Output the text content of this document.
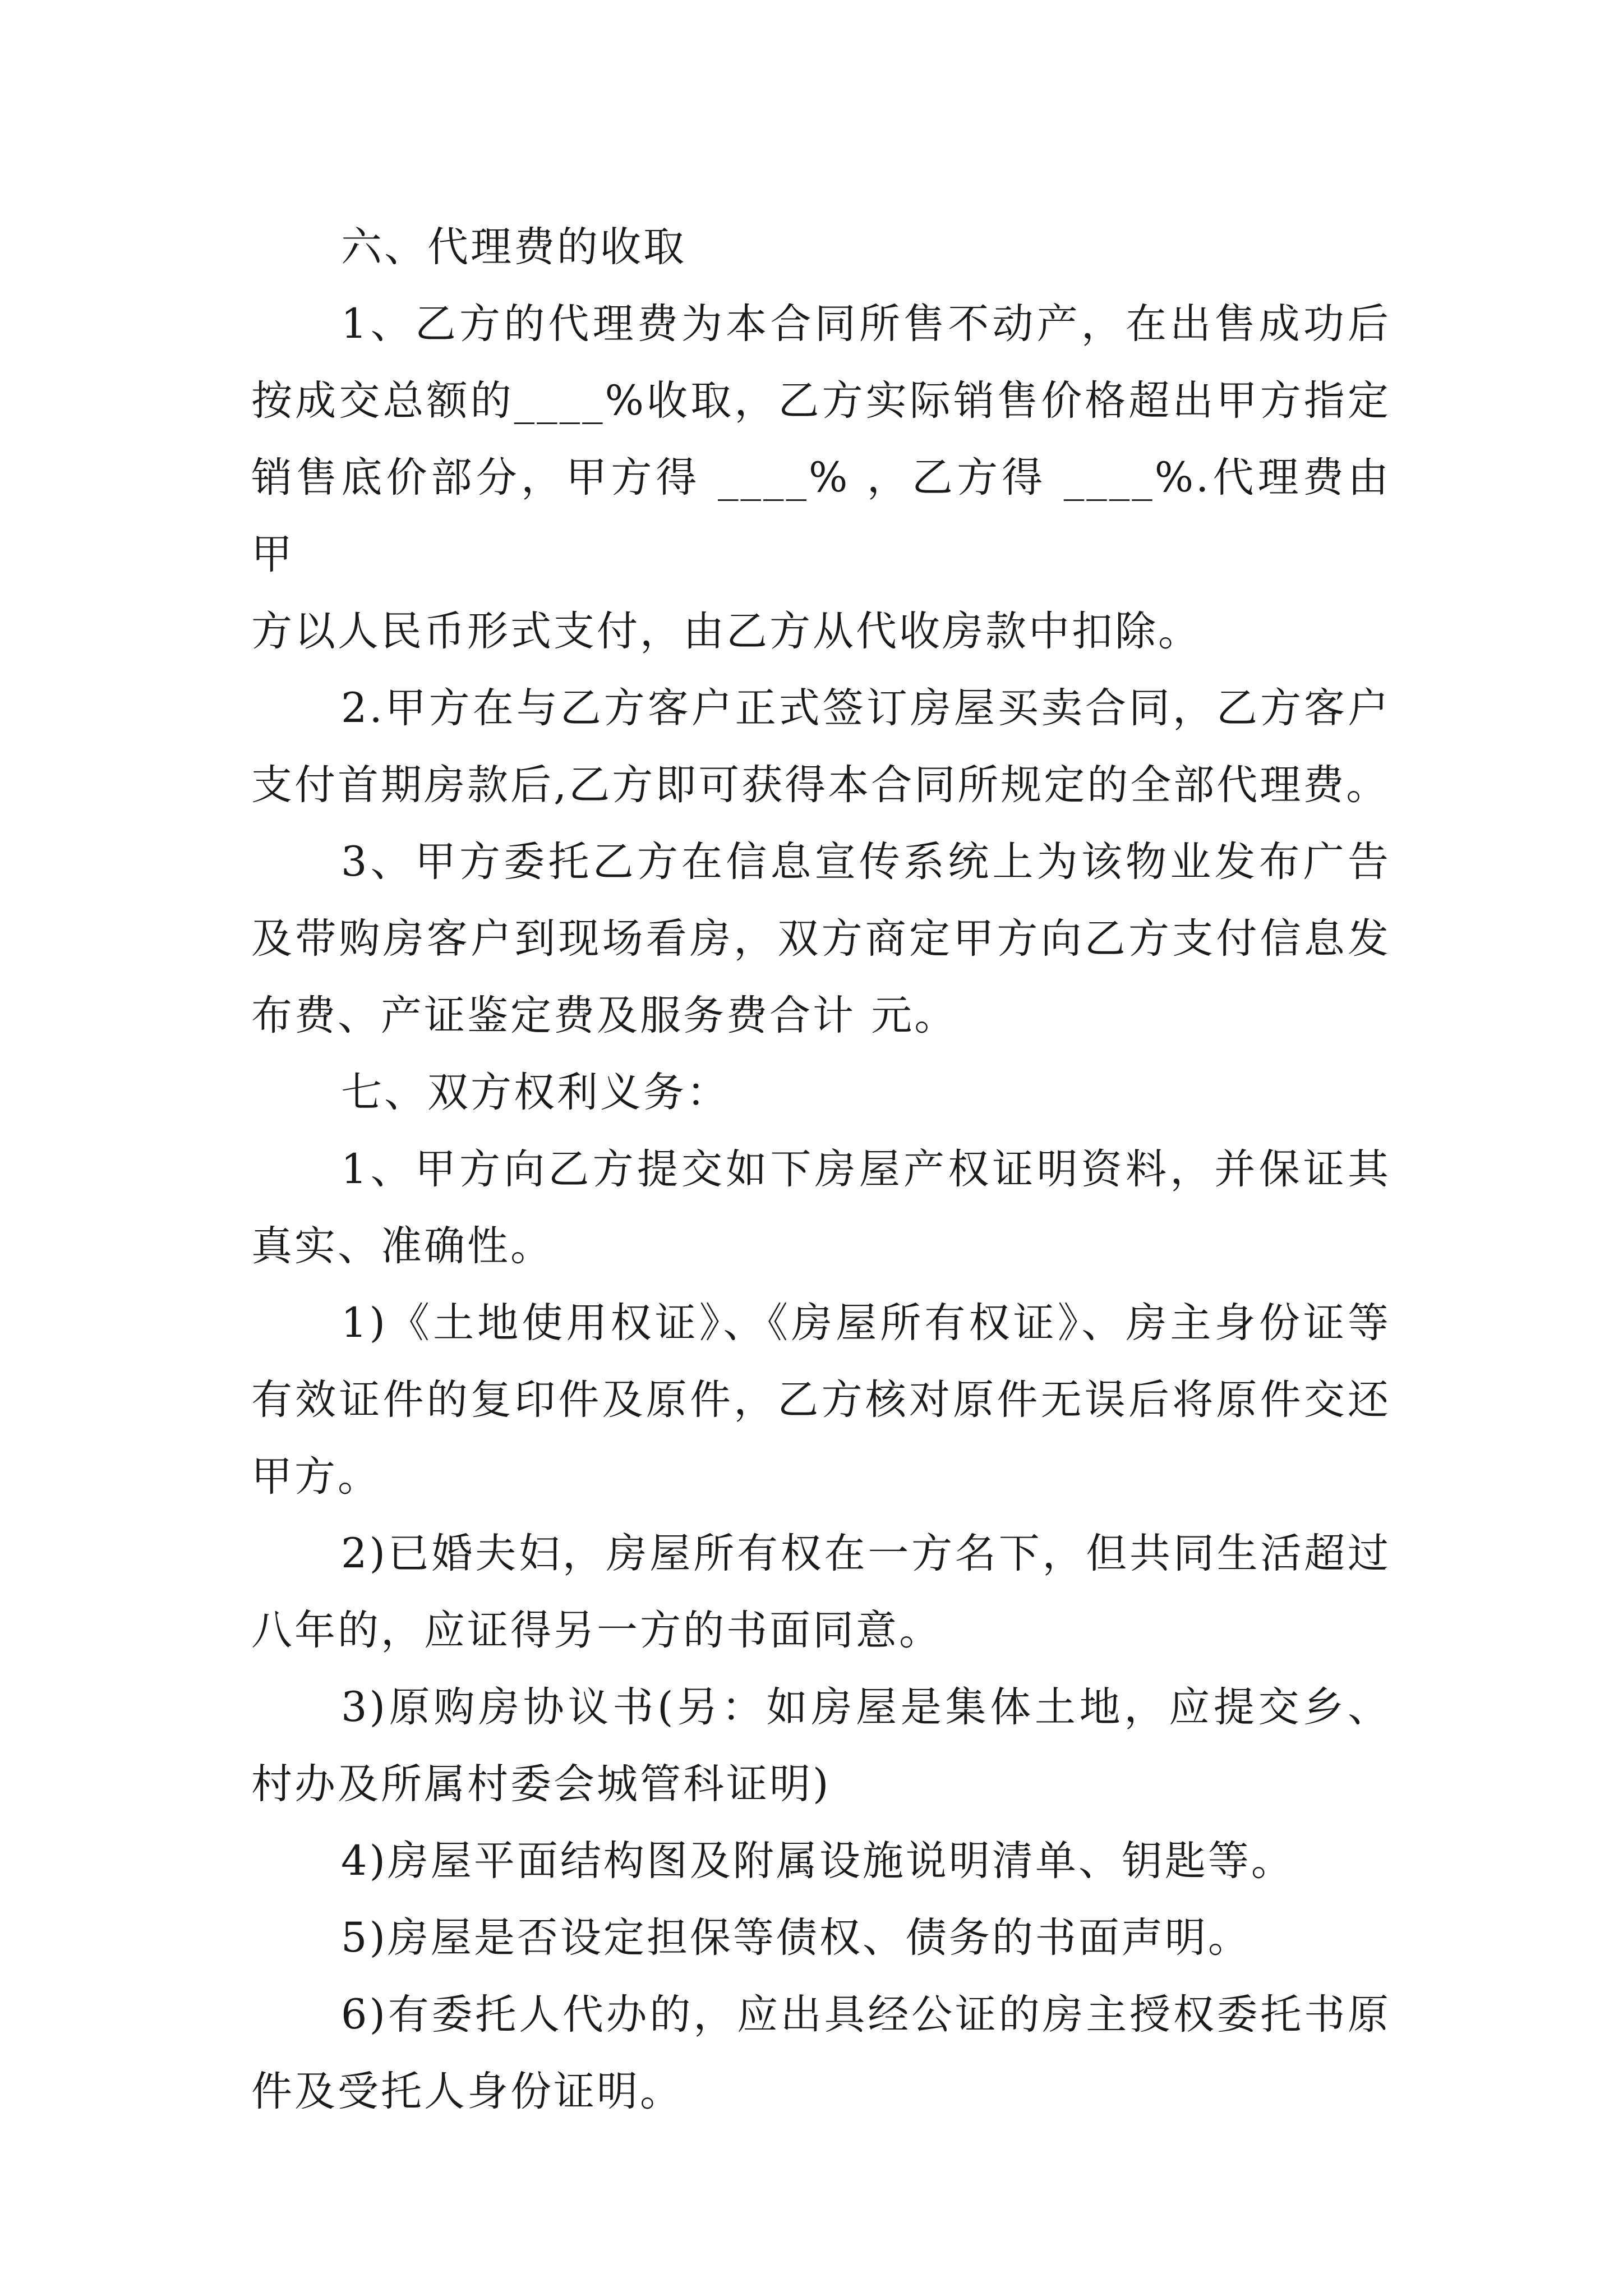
六、代理费的收取
1、乙方的代理费为本合同所售不动产，在出售成功后
按成交总额的____%收取，乙方实际销售价格超出甲方指定
销售底价部分，甲方得 ____% ，乙方得 ____%.代理费由甲
方以人民币形式支付，由乙方从代收房款中扣除。
2.甲方在与乙方客户正式签订房屋买卖合同，乙方客户
支付首期房款后,乙方即可获得本合同所规定的全部代理费。
3、甲方委托乙方在信息宣传系统上为该物业发布广告
及带购房客户到现场看房，双方商定甲方向乙方支付信息发
布费、产证鉴定费及服务费合计 元。
七、双方权利义务：
1、甲方向乙方提交如下房屋产权证明资料，并保证其
真实、准确性。
1)《土地使用权证》、《房屋所有权证》、房主身份证等
有效证件的复印件及原件，乙方核对原件无误后将原件交还
甲方。
2)已婚夫妇，房屋所有权在一方名下，但共同生活超过
八年的，应证得另一方的书面同意。
3)原购房协议书(另：如房屋是集体土地，应提交乡、
村办及所属村委会城管科证明)
4)房屋平面结构图及附属设施说明清单、钥匙等。
5)房屋是否设定担保等债权、债务的书面声明。
6)有委托人代办的，应出具经公证的房主授权委托书原
件及受托人身份证明。
